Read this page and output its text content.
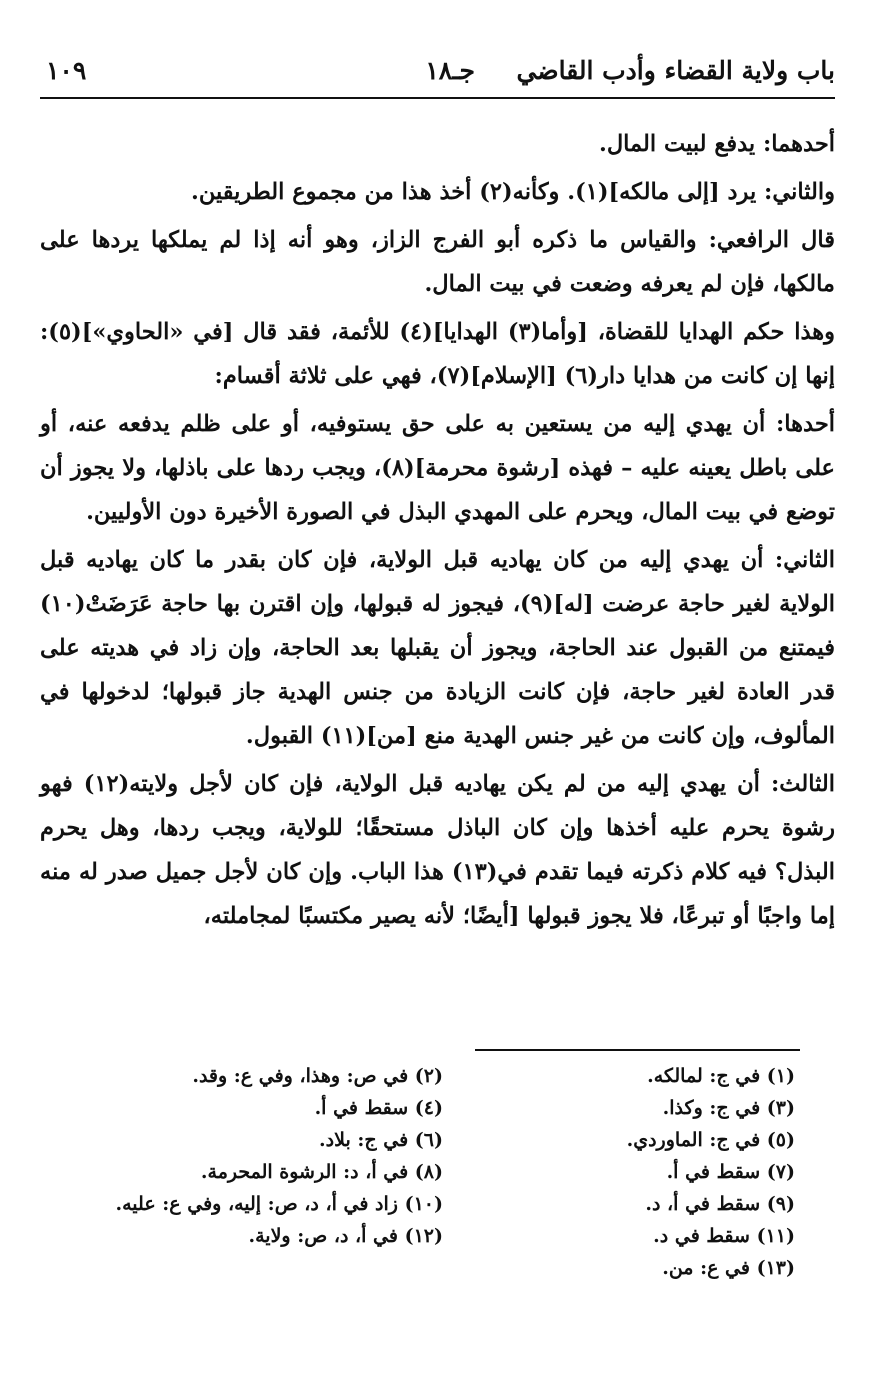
باب ولاية القضاء وأدب القاضي
جـ١٨
١٠٩

أحدهما: يدفع لبيت المال.

والثاني: يرد [إلى مالكه](١). وكأنه(٢) أخذ هذا من مجموع الطريقين.

قال الرافعي: والقياس ما ذكره أبو الفرج الزاز، وهو أنه إذا لم يملكها يردها على مالكها، فإن لم يعرفه وضعت في بيت المال.

وهذا حكم الهدايا للقضاة، [وأما(٣) الهدايا](٤) للأئمة، فقد قال [في «الحاوي»](٥): إنها إن كانت من هدايا دار(٦) [الإسلام](٧)، فهي على ثلاثة أقسام:

أحدها: أن يهدي إليه من يستعين به على حق يستوفيه، أو على ظلم يدفعه عنه، أو على باطل يعينه عليه – فهذه [رشوة محرمة](٨)، ويجب ردها على باذلها، ولا يجوز أن توضع في بيت المال، ويحرم على المهدي البذل في الصورة الأخيرة دون الأوليين.

الثاني: أن يهدي إليه من كان يهاديه قبل الولاية، فإن كان بقدر ما كان يهاديه قبل الولاية لغير حاجة عرضت [له](٩)، فيجوز له قبولها، وإن اقترن بها حاجة عَرَضَتْ(١٠) فيمتنع من القبول عند الحاجة، ويجوز أن يقبلها بعد الحاجة، وإن زاد في هديته على قدر العادة لغير حاجة، فإن كانت الزيادة من جنس الهدية جاز قبولها؛ لدخولها في المألوف، وإن كانت من غير جنس الهدية منع [من](١١) القبول.

الثالث: أن يهدي إليه من لم يكن يهاديه قبل الولاية، فإن كان لأجل ولايته(١٢) فهو رشوة يحرم عليه أخذها وإن كان الباذل مستحقًا؛ للولاية، ويجب ردها، وهل يحرم البذل؟ فيه كلام ذكرته فيما تقدم في(١٣) هذا الباب. وإن كان لأجل جميل صدر له منه إما واجبًا أو تبرعًا، فلا يجوز قبولها [أيضًا؛ لأنه يصير مكتسبًا لمجاملته،

(١) في ج: لمالكه.
(٣) في ج: وكذا.
(٥) في ج: الماوردي.
(٧) سقط في أ.
(٩) سقط في أ، د.
(١١) سقط في د.
(١٣) في ع: من.
(٢) في ص: وهذا، وفي ع: وقد.
(٤) سقط في أ.
(٦) في ج: بلاد.
(٨) في أ، د: الرشوة المحرمة.
(١٠) زاد في أ، د، ص: إليه، وفي ع: عليه.
(١٢) في أ، د، ص: ولاية.
